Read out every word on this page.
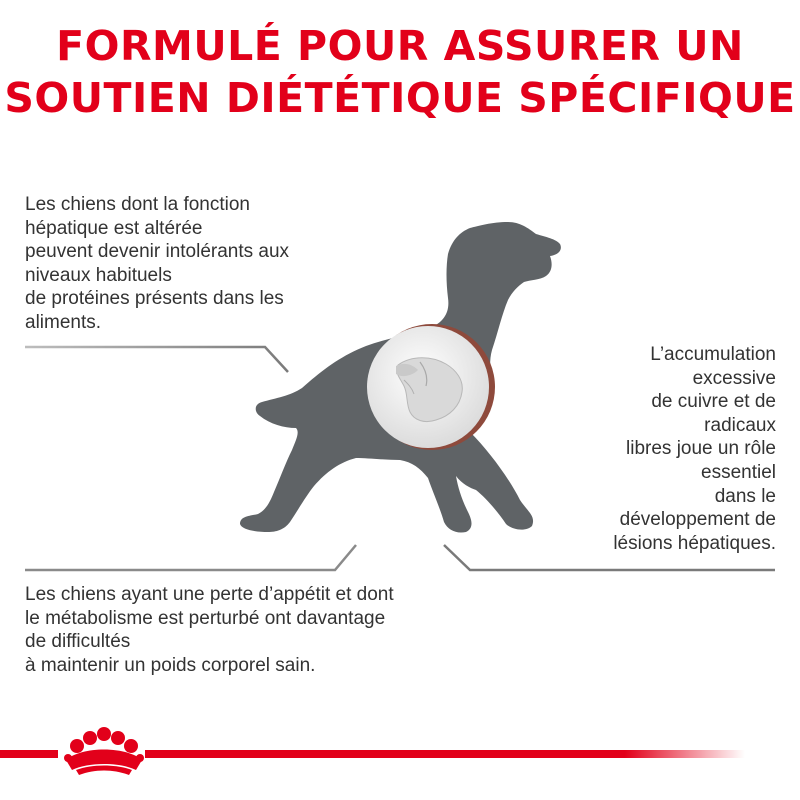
FORMULÉ POUR ASSURER UN
SOUTIEN DIÉTÉTIQUE SPÉCIFIQUE
Les chiens dont la fonction
hépatique est altérée
peuvent devenir intolérants aux
niveaux habituels
de protéines présents dans les
aliments.
L’accumulation
excessive
de cuivre et de
radicaux
libres joue un rôle
essentiel
dans le
développement de
lésions hépatiques.
Les chiens ayant une perte d’appétit et dont
le métabolisme est perturbé ont davantage
de difficultés
à maintenir un poids corporel sain.
